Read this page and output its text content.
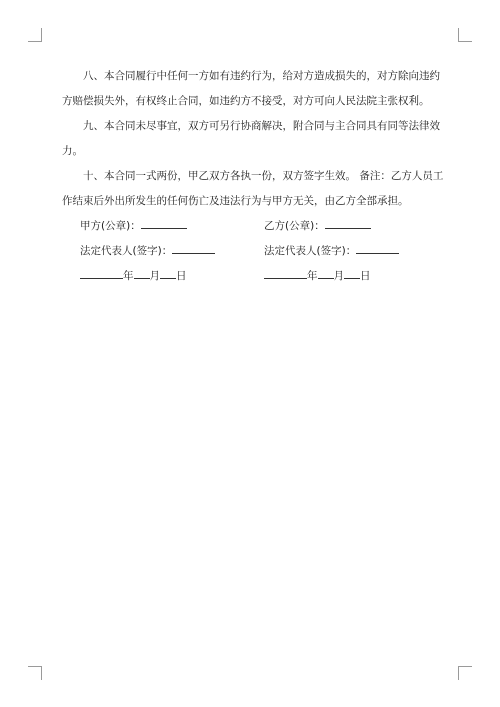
八、本合同履行中任何一方如有违约行为，给对方造成损失的，对方除向违约方赔偿损失外，有权终止合同，如违约方不接受，对方可向人民法院主张权利。

九、本合同未尽事宜，双方可另行协商解决，附合同与主合同具有同等法律效力。

十、本合同一式两份，甲乙双方各执一份，双方签字生效。 备注：乙方人员工作结束后外出所发生的任何伤亡及违法行为与甲方无关，由乙方全部承担。

甲方(公章)：	乙方(公章)：
法定代表人(签字)：	法定代表人(签字)：
年 月 日	年 月 日
